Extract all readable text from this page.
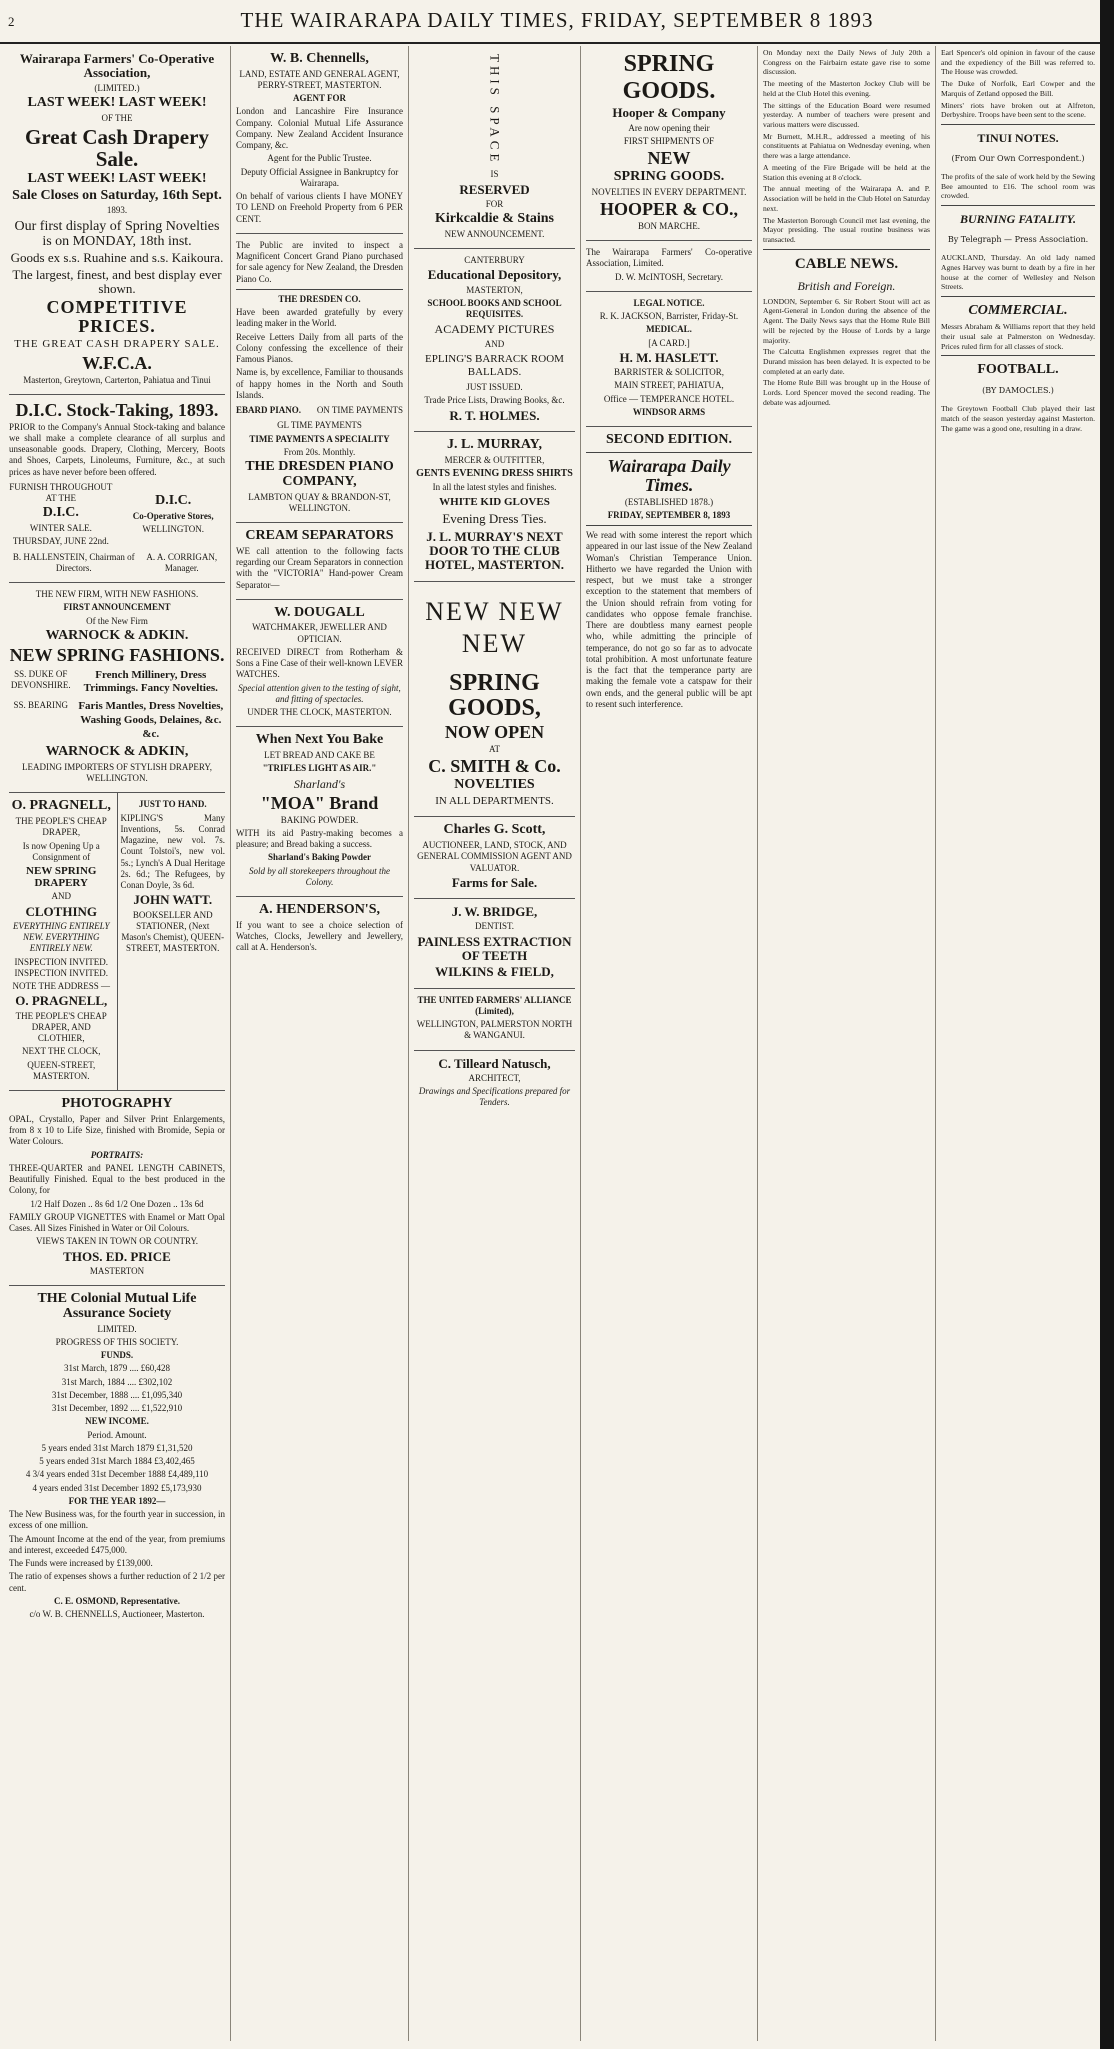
2	THE WAIRARAPA DAILY TIMES, FRIDAY, SEPTEMBER 8 1893
Wairarapa Farmers' Co-Operative Association,

(LIMITED.)

LAST WEEK! LAST WEEK!

OF THE

Great Cash Drapery Sale.
LAST WEEK! LAST WEEK!
Sale Closes on Saturday, 16th Sept.

1893.

Our first display of Spring Novelties is on MONDAY, 18th inst.
Goods ex s.s. Ruahine and s.s. Kaikoura.
The largest, finest, and best display ever shown.
COMPETITIVE PRICES.

THE GREAT CASH DRAPERY SALE.

W.F.C.A.

Masterton, Greytown, Carterton, Pahiatua and Tinui

D.I.C. Stock-Taking, 1893.

PRIOR to the Company's Annual Stock-taking and balance we shall make a complete clearance of all surplus and unseasonable goods. Drapery, Clothing, Mercery, Boots and Shoes, Carpets, Linoleums, Furniture, &c., at such prices as have never before been offered.

FURNISH THROUGHOUT AT THE

D.I.C.

WINTER SALE.

THURSDAY, JUNE 22nd.

D.I.C.

Co-Operative Stores,

WELLINGTON.

B. HALLENSTEIN, Chairman of Directors.

A. A. CORRIGAN, Manager.

THE NEW FIRM, WITH NEW FASHIONS.

FIRST ANNOUNCEMENT

Of the New Firm

WARNOCK & ADKIN.
NEW SPRING FASHIONS.

SS. DUKE OF DEVONSHIRE.

French Millinery, Dress Trimmings. Fancy Novelties.

SS. BEARING Faris Mantles, Dress Novelties, Washing Goods, Delaines, &c. &c.

WARNOCK & ADKIN,

LEADING IMPORTERS OF STYLISH DRAPERY, WELLINGTON.

O. PRAGNELL,

THE PEOPLE'S CHEAP DRAPER,

Is now Opening Up a Consignment of

NEW SPRING DRAPERY

AND

CLOTHING

EVERYTHING ENTIRELY NEW. EVERYTHING ENTIRELY NEW.

INSPECTION INVITED. INSPECTION INVITED.

NOTE THE ADDRESS —

O. PRAGNELL,

THE PEOPLE'S CHEAP DRAPER, AND CLOTHIER,

NEXT THE CLOCK,

QUEEN-STREET, MASTERTON.

JUST TO HAND.

KIPLING'S Many Inventions, 5s. Conrad Magazine, new vol. 7s. Count Tolstoi's, new vol. 5s.; Lynch's A Dual Heritage 2s. 6d.; The Refugees, by Conan Doyle, 3s 6d.

JOHN WATT.

BOOKSELLER AND STATIONER, (Next Mason's Chemist), QUEEN-STREET, MASTERTON.

PHOTOGRAPHY

OPAL, Crystallo, Paper and Silver Print Enlargements, from 8 x 10 to Life Size, finished with Bromide, Sepia or Water Colours.

PORTRAITS:

THREE-QUARTER and PANEL LENGTH CABINETS, Beautifully Finished. Equal to the best produced in the Colony, for

1/2 Half Dozen .. 8s 6d 1/2 One Dozen .. 13s 6d

FAMILY GROUP VIGNETTES with Enamel or Matt Opal Cases. All Sizes Finished in Water or Oil Colours.

VIEWS TAKEN IN TOWN OR COUNTRY.

THOS. ED. PRICE

MASTERTON

THE Colonial Mutual Life Assurance Society

LIMITED.

PROGRESS OF THIS SOCIETY.

FUNDS.

31st March, 1879 .... £60,428

31st March, 1884 .... £302,102

31st December, 1888 .... £1,095,340

31st December, 1892 .... £1,522,910

NEW INCOME.

Period. Amount.

5 years ended 31st March 1879 £1,31,520

5 years ended 31st March 1884 £3,402,465

4 3/4 years ended 31st December 1888 £4,489,110

4 years ended 31st December 1892 £5,173,930

FOR THE YEAR 1892—

The New Business was, for the fourth year in succession, in excess of one million.

The Amount Income at the end of the year, from premiums and interest, exceeded £475,000.

The Funds were increased by £139,000.

The ratio of expenses shows a further reduction of 2 1/2 per cent.

C. E. OSMOND, Representative.

c/o W. B. CHENNELLS, Auctioneer, Masterton.

W. B. Chennells,

LAND, ESTATE AND GENERAL AGENT, PERRY-STREET, MASTERTON.

AGENT FOR

London and Lancashire Fire Insurance Company. Colonial Mutual Life Assurance Company. New Zealand Accident Insurance Company, &c.

Agent for the Public Trustee.

Deputy Official Assignee in Bankruptcy for Wairarapa.

On behalf of various clients I have MONEY TO LEND on Freehold Property from 6 PER CENT.

The Public are invited to inspect a Magnificent Concert Grand Piano purchased for sale agency for New Zealand, the Dresden Piano Co.

THE DRESDEN CO.

Have been awarded gratefully by every leading maker in the World.

Receive Letters Daily from all parts of the Colony confessing the excellence of their Famous Pianos.

Name is, by excellence, Familiar to thousands of happy homes in the North and South Islands.

EBARD PIANO. ON TIME PAYMENTS

GL TIME PAYMENTS

TIME PAYMENTS A SPECIALITY

From 20s. Monthly.

THE DRESDEN PIANO COMPANY,

LAMBTON QUAY & BRANDON-ST, WELLINGTON.

CREAM SEPARATORS

WE call attention to the following facts regarding our Cream Separators in connection with the "VICTORIA" Hand-power Cream Separator—

W. DOUGALL

WATCHMAKER, JEWELLER AND OPTICIAN.

RECEIVED DIRECT from Rotherham & Sons a Fine Case of their well-known LEVER WATCHES.

Special attention given to the testing of sight, and fitting of spectacles.

UNDER THE CLOCK, MASTERTON.

When Next You Bake

LET BREAD AND CAKE BE

"TRIFLES LIGHT AS AIR."

Sharland's

"MOA" Brand

BAKING POWDER.

WITH its aid Pastry-making becomes a pleasure; and Bread baking a success.

Sharland's Baking Powder

Sold by all storekeepers throughout the Colony.

A. HENDERSON'S,

If you want to see a choice selection of Watches, Clocks, Jewellery and Jewellery, call at A. Henderson's.

THIS SPACE

IS

RESERVED

FOR

Kirkcaldie & Stains

NEW ANNOUNCEMENT.

CANTERBURY

Educational Depository,

MASTERTON,

SCHOOL BOOKS AND SCHOOL REQUISITES.

ACADEMY PICTURES

AND

EPLING'S BARRACK ROOM BALLADS.

JUST ISSUED.

Trade Price Lists, Drawing Books, &c.

R. T. HOLMES.
J. L. MURRAY,

MERCER & OUTFITTER,

GENTS EVENING DRESS SHIRTS

In all the latest styles and finishes.

WHITE KID GLOVES

Evening Dress Ties.

J. L. MURRAY'S NEXT DOOR TO THE CLUB HOTEL, MASTERTON.
NEW NEW NEW
SPRING GOODS,
NOW OPEN

AT

C. SMITH & Co.
NOVELTIES

IN ALL DEPARTMENTS.

Charles G. Scott,

AUCTIONEER, LAND, STOCK, AND GENERAL COMMISSION AGENT AND VALUATOR.

Farms for Sale.
J. W. BRIDGE,

DENTIST.

PAINLESS EXTRACTION OF TEETH
WILKINS & FIELD,

THE UNITED FARMERS' ALLIANCE (Limited),

WELLINGTON, PALMERSTON NORTH & WANGANUI.

C. Tilleard Natusch,

ARCHITECT,

Drawings and Specifications prepared for Tenders.

SPRING
GOODS.
Hooper & Company

Are now opening their

FIRST SHIPMENTS OF

NEW
SPRING GOODS.

NOVELTIES IN EVERY DEPARTMENT.

HOOPER & CO.,

BON MARCHE.

The Wairarapa Farmers' Co-operative Association, Limited.

D. W. McINTOSH, Secretary.

LEGAL NOTICE.

R. K. JACKSON, Barrister, Friday-St.

MEDICAL.

[A CARD.]

H. M. HASLETT.

BARRISTER & SOLICITOR,

MAIN STREET, PAHIATUA,

Office — TEMPERANCE HOTEL.

WINDSOR ARMS

SECOND EDITION.
Wairarapa Daily Times.

(ESTABLISHED 1878.)

FRIDAY, SEPTEMBER 8, 1893

We read with some interest the report which appeared in our last issue of the New Zealand Woman's Christian Temperance Union. Hitherto we have regarded the Union with respect, but we must take a stronger exception to the statement that members of the Union should refrain from voting for candidates who oppose female franchise. There are doubtless many earnest people who, while admitting the principle of temperance, do not go so far as to advocate total prohibition. A most unfortunate feature is the fact that the temperance party are making the female vote a catspaw for their own ends, and the general public will be apt to resent such interference.

On Monday next the Daily News of July 20th a Congress on the Fairbairn estate gave rise to some discussion.

The meeting of the Masterton Jockey Club will be held at the Club Hotel this evening.

The sittings of the Education Board were resumed yesterday. A number of teachers were present and various matters were discussed.

Mr Burnett, M.H.R., addressed a meeting of his constituents at Pahiatua on Wednesday evening, when there was a large attendance.

A meeting of the Fire Brigade will be held at the Station this evening at 8 o'clock.

The annual meeting of the Wairarapa A. and P. Association will be held in the Club Hotel on Saturday next.

The Masterton Borough Council met last evening, the Mayor presiding. The usual routine business was transacted.

CABLE NEWS.
British and Foreign.

LONDON, September 6. Sir Robert Stout will act as Agent-General in London during the absence of the Agent. The Daily News says that the Home Rule Bill will be rejected by the House of Lords by a large majority.

The Calcutta Englishmen expresses regret that the Durand mission has been delayed. It is expected to be completed at an early date.

The Home Rule Bill was brought up in the House of Lords. Lord Spencer moved the second reading. The debate was adjourned.

Earl Spencer's old opinion in favour of the cause and the expediency of the Bill was referred to. The House was crowded.

The Duke of Norfolk, Earl Cowper and the Marquis of Zetland opposed the Bill.

Miners' riots have broken out at Alfreton, Derbyshire. Troops have been sent to the scene.

TINUI NOTES.

(From Our Own Correspondent.)

The profits of the sale of work held by the Sewing Bee amounted to £16. The school room was crowded.

BURNING FATALITY.

By Telegraph — Press Association.

AUCKLAND, Thursday. An old lady named Agnes Harvey was burnt to death by a fire in her house at the corner of Wellesley and Nelson Streets.

COMMERCIAL.

Messrs Abraham & Williams report that they held their usual sale at Palmerston on Wednesday. Prices ruled firm for all classes of stock.

FOOTBALL.

(BY DAMOCLES.)

The Greytown Football Club played their last match of the season yesterday against Masterton. The game was a good one, resulting in a draw.
